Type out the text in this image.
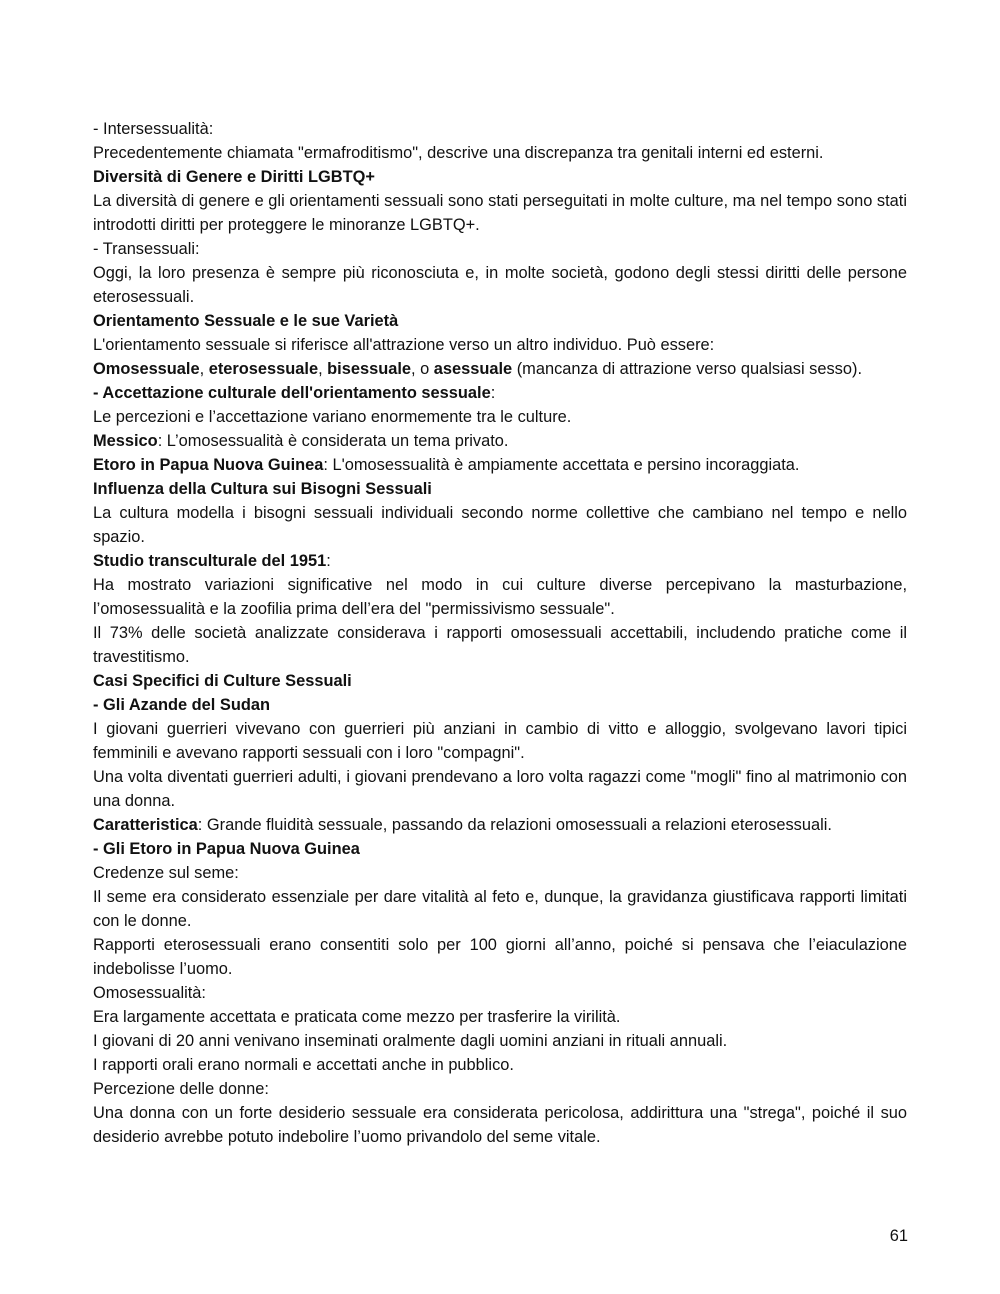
- Intersessualità:

Precedentemente chiamata "ermafroditismo", descrive una discrepanza tra genitali interni ed esterni.

Diversità di Genere e Diritti LGBTQ+

La diversità di genere e gli orientamenti sessuali sono stati perseguitati in molte culture, ma nel tempo sono stati introdotti diritti per proteggere le minoranze LGBTQ+.

- Transessuali:

Oggi, la loro presenza è sempre più riconosciuta e, in molte società, godono degli stessi diritti delle persone eterosessuali.

Orientamento Sessuale e le sue Varietà

L'orientamento sessuale si riferisce all'attrazione verso un altro individuo. Può essere:

Omosessuale, eterosessuale, bisessuale, o asessuale (mancanza di attrazione verso qualsiasi sesso).

- Accettazione culturale dell'orientamento sessuale:

Le percezioni e l’accettazione variano enormemente tra le culture.

Messico: L’omosessualità è considerata un tema privato.

Etoro in Papua Nuova Guinea: L'omosessualità è ampiamente accettata e persino incoraggiata.

Influenza della Cultura sui Bisogni Sessuali

La cultura modella i bisogni sessuali individuali secondo norme collettive che cambiano nel tempo e nello spazio.

Studio transculturale del 1951:

Ha mostrato variazioni significative nel modo in cui culture diverse percepivano la masturbazione, l’omosessualità e la zoofilia prima dell’era del "permissivismo sessuale".

Il 73% delle società analizzate considerava i rapporti omosessuali accettabili, includendo pratiche come il travestitismo.

Casi Specifici di Culture Sessuali

- Gli Azande del Sudan

I giovani guerrieri vivevano con guerrieri più anziani in cambio di vitto e alloggio, svolgevano lavori tipici femminili e avevano rapporti sessuali con i loro "compagni".

Una volta diventati guerrieri adulti, i giovani prendevano a loro volta ragazzi come "mogli" fino al matrimonio con una donna.

Caratteristica: Grande fluidità sessuale, passando da relazioni omosessuali a relazioni eterosessuali.

- Gli Etoro in Papua Nuova Guinea

Credenze sul seme:

Il seme era considerato essenziale per dare vitalità al feto e, dunque, la gravidanza giustificava rapporti limitati con le donne.

Rapporti eterosessuali erano consentiti solo per 100 giorni all’anno, poiché si pensava che l’eiaculazione indebolisse l’uomo.

Omosessualità:

Era largamente accettata e praticata come mezzo per trasferire la virilità.

I giovani di 20 anni venivano inseminati oralmente dagli uomini anziani in rituali annuali.

I rapporti orali erano normali e accettati anche in pubblico.

Percezione delle donne:

Una donna con un forte desiderio sessuale era considerata pericolosa, addirittura una "strega", poiché il suo desiderio avrebbe potuto indebolire l’uomo privandolo del seme vitale.

61
